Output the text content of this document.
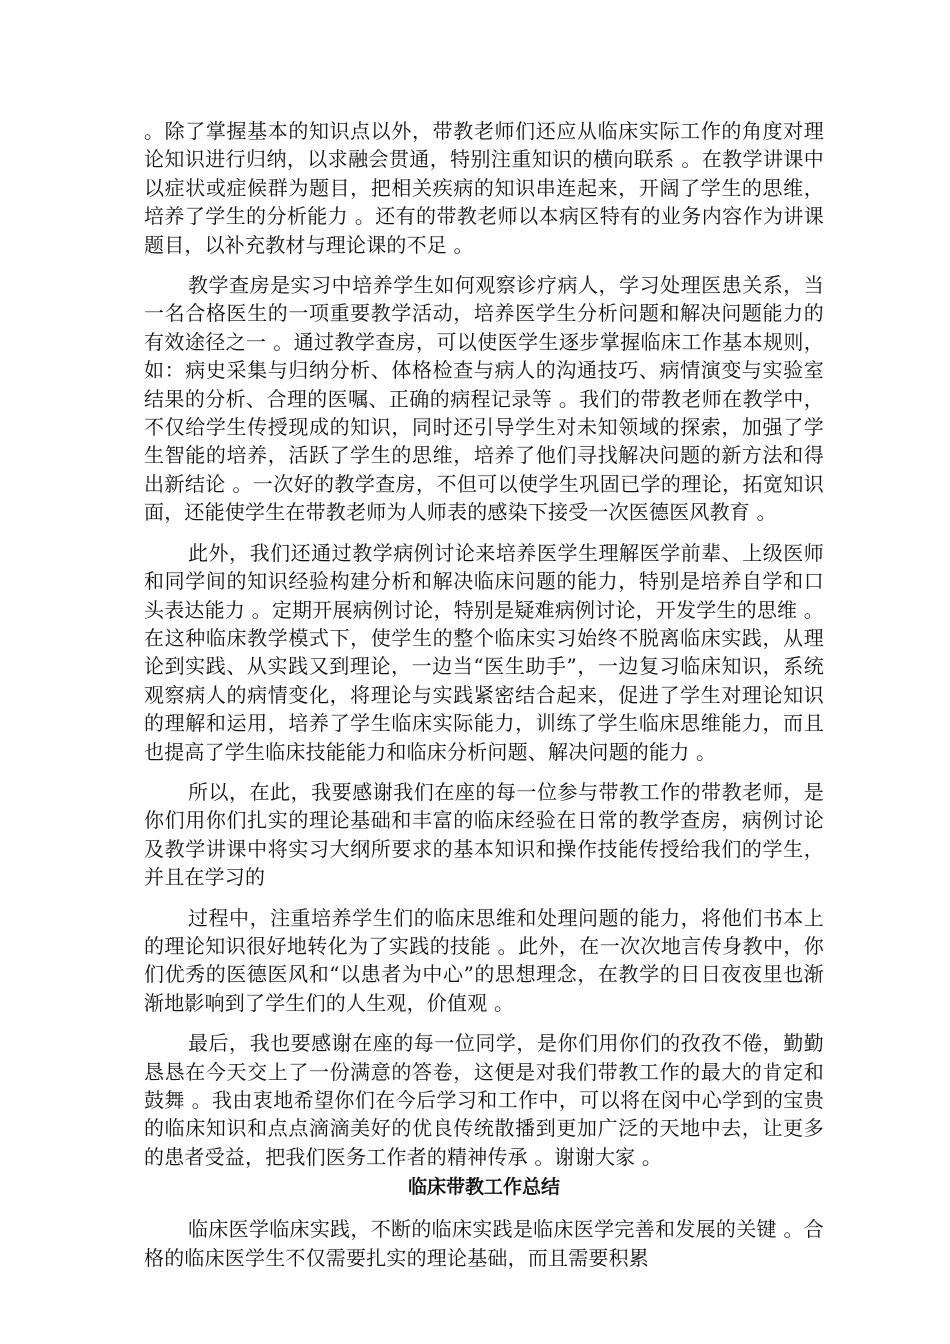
。除了掌握基本的知识点以外，带教老师们还应从临床实际工作的角度对理论知识进行归纳，以求融会贯通，特别注重知识的横向联系 。在教学讲课中以症状或症候群为题目，把相关疾病的知识串连起来，开阔了学生的思维，培养了学生的分析能力 。还有的带教老师以本病区特有的业务内容作为讲课题目，以补充教材与理论课的不足 。

教学查房是实习中培养学生如何观察诊疗病人，学习处理医患关系，当一名合格医生的一项重要教学活动，培养医学生分析问题和解决问题能力的有效途径之一 。通过教学查房，可以使医学生逐步掌握临床工作基本规则，如：病史采集与归纳分析、体格检查与病人的沟通技巧、病情演变与实验室结果的分析、合理的医嘱、正确的病程记录等 。我们的带教老师在教学中，不仅给学生传授现成的知识，同时还引导学生对未知领域的探索，加强了学生智能的培养，活跃了学生的思维，培养了他们寻找解决问题的新方法和得出新结论 。一次好的教学查房，不但可以使学生巩固已学的理论，拓宽知识面，还能使学生在带教老师为人师表的感染下接受一次医德医风教育 。

此外，我们还通过教学病例讨论来培养医学生理解医学前辈、上级医师和同学间的知识经验构建分析和解决临床问题的能力，特别是培养自学和口头表达能力 。定期开展病例讨论，特别是疑难病例讨论，开发学生的思维 。在这种临床教学模式下，使学生的整个临床实习始终不脱离临床实践，从理论到实践、从实践又到理论，一边当“医生助手”，一边复习临床知识，系统观察病人的病情变化，将理论与实践紧密结合起来，促进了学生对理论知识的理解和运用，培养了学生临床实际能力，训练了学生临床思维能力，而且也提高了学生临床技能能力和临床分析问题、解决问题的能力 。

所以，在此，我要感谢我们在座的每一位参与带教工作的带教老师，是你们用你们扎实的理论基础和丰富的临床经验在日常的教学查房，病例讨论及教学讲课中将实习大纲所要求的基本知识和操作技能传授给我们的学生，并且在学习的

过程中，注重培养学生们的临床思维和处理问题的能力，将他们书本上的理论知识很好地转化为了实践的技能 。此外，在一次次地言传身教中，你们优秀的医德医风和“以患者为中心”的思想理念，在教学的日日夜夜里也渐渐地影响到了学生们的人生观，价值观 。

最后，我也要感谢在座的每一位同学，是你们用你们的孜孜不倦，勤勤恳恳在今天交上了一份满意的答卷，这便是对我们带教工作的最大的肯定和鼓舞 。我由衷地希望你们在今后学习和工作中，可以将在闵中心学到的宝贵的临床知识和点点滴滴美好的优良传统散播到更加广泛的天地中去，让更多的患者受益，把我们医务工作者的精神传承 。谢谢大家 。

临床带教工作总结

临床医学临床实践，不断的临床实践是临床医学完善和发展的关键 。合格的临床医学生不仅需要扎实的理论基础，而且需要积累
